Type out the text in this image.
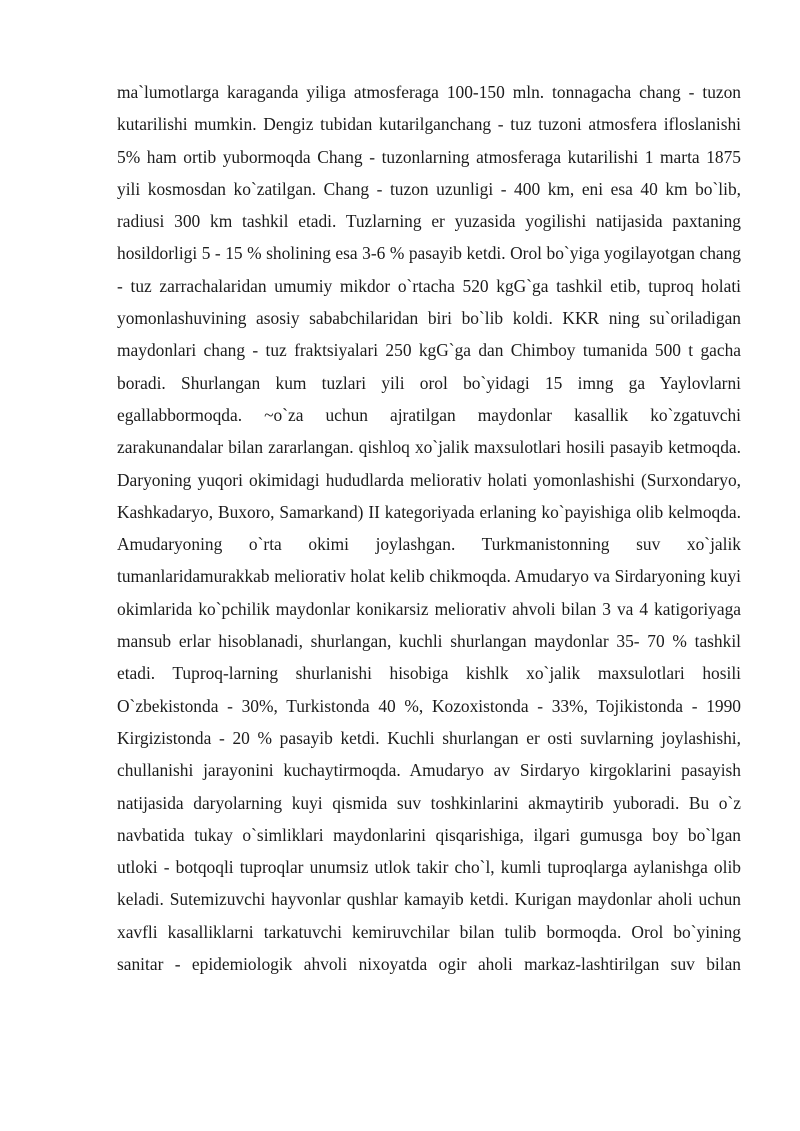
ma`lumotlarga karaganda yiliga atmosferaga 100-150 mln. tonnagacha chang - tuzon kutarilishi mumkin. Dengiz tubidan kutarilganchang - tuz tuzoni atmosfera ifloslanishi 5% ham ortib yubormoqda Chang - tuzonlarning atmosferaga kutarilishi 1 marta 1875 yili kosmosdan ko`zatilgan. Chang - tuzon uzunligi - 400 km, eni esa 40 km bo`lib, radiusi 300 km tashkil etadi. Tuzlarning er yuzasida yogilishi natijasida paxtaning hosildorligi 5 - 15 % sholining esa 3-6 % pasayib ketdi. Orol bo`yiga yogilayotgan chang - tuz zarrachalaridan umumiy mikdor o`rtacha 520 kgG`ga tashkil etib, tuproq holati yomonlashuvining asosiy sababchilaridan biri bo`lib koldi. KKR ning su`oriladigan maydonlari chang - tuz fraktsiyalari 250 kgG`ga dan Chimboy tumanida 500 t gacha boradi. Shurlangan kum tuzlari yili orol bo`yidagi 15 imng ga Yaylovlarni egallabbormoqda. ~o`za uchun ajratilgan maydonlar kasallik ko`zgatuvchi zarakunandalar bilan zararlangan. qishloq xo`jalik maxsulotlari hosili pasayib ketmoqda. Daryoning yuqori okimidagi hududlarda meliorativ holati yomonlashishi (Surxondaryo, Kashkadaryo, Buxoro, Samarkand) II kategoriyada erlaning ko`payishiga olib kelmoqda. Amudaryoning o`rta okimi joylashgan. Turkmanistonning suv xo`jalik tumanlaridamurakkab meliorativ holat kelib chikmoqda. Amudaryo va Sirdaryoning kuyi okimlarida ko`pchilik maydonlar konikarsiz meliorativ ahvoli bilan 3 va 4 katigoriyaga mansub erlar hisoblanadi, shurlangan, kuchli shurlangan maydonlar 35- 70 % tashkil etadi. Tuproq-larning shurlanishi hisobiga kishlk xo`jalik maxsulotlari hosili O`zbekistonda - 30%, Turkistonda 40 %, Kozoxistonda - 33%, Tojikistonda - 1990 Kirgizistonda - 20 % pasayib ketdi. Kuchli shurlangan er osti suvlarning joylashishi, chullanishi jarayonini kuchaytirmoqda. Amudaryo av Sirdaryo kirgoklarini pasayish natijasida daryolarning kuyi qismida suv toshkinlarini akmaytirib yuboradi. Bu o`z navbatida tukay o`simliklari maydonlarini qisqarishiga, ilgari gumusga boy bo`lgan utloki - botqoqli tuproqlar unumsiz utlok takir cho`l, kumli tuproqlarga aylanishga olib keladi. Sutemizuvchi hayvonlar qushlar kamayib ketdi. Kurigan maydonlar aholi uchun xavfli kasalliklarni tarkatuvchi kemiruvchilar bilan tulib bormoqda. Orol bo`yining sanitar - epidemiologik ahvoli nixoyatda ogir aholi markaz-lashtirilgan suv bilan
